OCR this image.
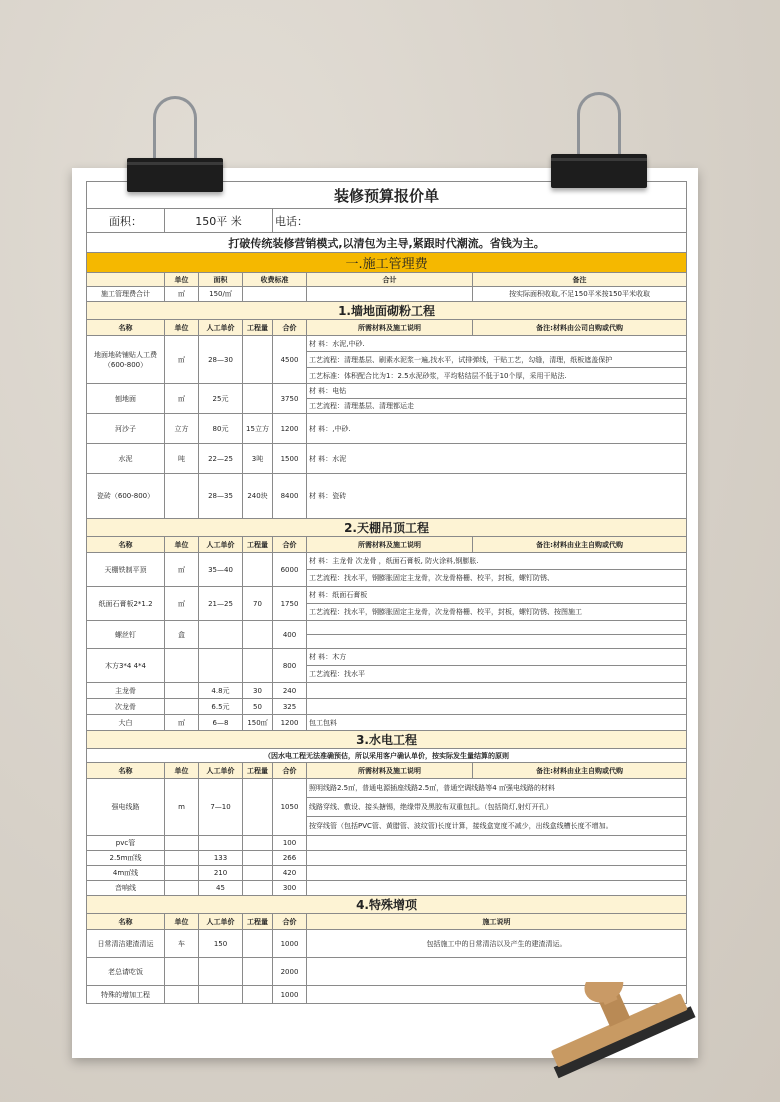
装修预算报价单						
面积：	150平 米			电话：		
打破传统装修营销模式,以清包为主导,紧跟时代潮流。省钱为主。						
一.施工管理费						
	单位	面积	收费标准		合计	备注
施工管理费合计	㎡	150/㎡				按实际面积收取,不足150平米按150平米收取
1.墙地面砌粉工程						
名称	单位	人工单价	工程量	合价	所需材料及施工说明	备注:材料由公司自购或代购

地面地砖铺贴人工费
（600-800）	㎡	28—30		4500	材 料：水泥,中砂.	
					工艺流程：清理基层、刷素水泥浆一遍,找水平，试排弹线，干贴工艺，勾缝，清理，纸板遮盖保护	
					工艺标准：体积配合比为1：2.5水泥砂浆，平均粘结层不低于10个厚，采用干贴法.	

刨地面	㎡	25元		3750	材 料：电钻	
					工艺流程：清理基层、清理都运走	

河沙子	立方	80元	15立方	1200	材 料：,中砂.	

水泥	吨	22—25	3吨	1500	材 料：水泥	

瓷砖（600-800）		28—35	240块	8400	材 料：瓷砖	
2.天棚吊顶工程						
名称	单位	人工单价	工程量	合价	所需材料及施工说明	备注:材料由业主自购或代购

天棚铁制平顶	㎡	35—40		6000	材 料：主龙骨 次龙骨 ，纸面石膏板, 防火涂料,钢膨胀.	
					工艺流程：找水平，钢膨胀固定主龙骨，次龙骨格栅、校平，封板，螺钉防锈、	

纸面石膏板2*1.2	㎡	21—25	70	1750	材 料：纸面石膏板	
					工艺流程：找水平，钢膨胀固定主龙骨，次龙骨格栅、校平，封板，螺钉防锈、按图施工	

螺丝钉	盒			400		

木方3*4 4*4				800	材 料：木方	
					工艺流程：找水平	

主龙骨		4.8元	30	240		

次龙骨		6.5元	50	325		

大白	㎡	6—8	150㎡	1200	包工包料	
3.水电工程						
（因水电工程无法准确预估，所以采用客户确认单价，按实际发生量结算的原则						
名称	单位	人工单价	工程量	合价	所需材料及施工说明	备注:材料由业主自购或代购

强电线路	m	7—10		1050	照明线路2.5㎡，普通电源插座线路2.5㎡，普通空调线路等4 ㎡强电线路的材料	
					线路穿线、敷设、接头搪锡，绝缘带及黑胶布双重包扎。（包括筒灯,射灯开孔）	
					按穿线管（包括PVC管、黄腊管、波纹管)长度计算，接线盒宽度不减少，出线盒线槽长度不增加。	

pvc管				100		

2.5m㎡线		133		266		

4m㎡线		210		420		

音响线		45		300		
4.特殊增项						
名称	单位	人工单价	工程量	合价	施工说明	
日常清洁建渣清运	车	150		1000	包括施工中的日常清洁以及产生的建渣清运。	
老总请吃饭				2000		
特殊的增加工程				1000		
